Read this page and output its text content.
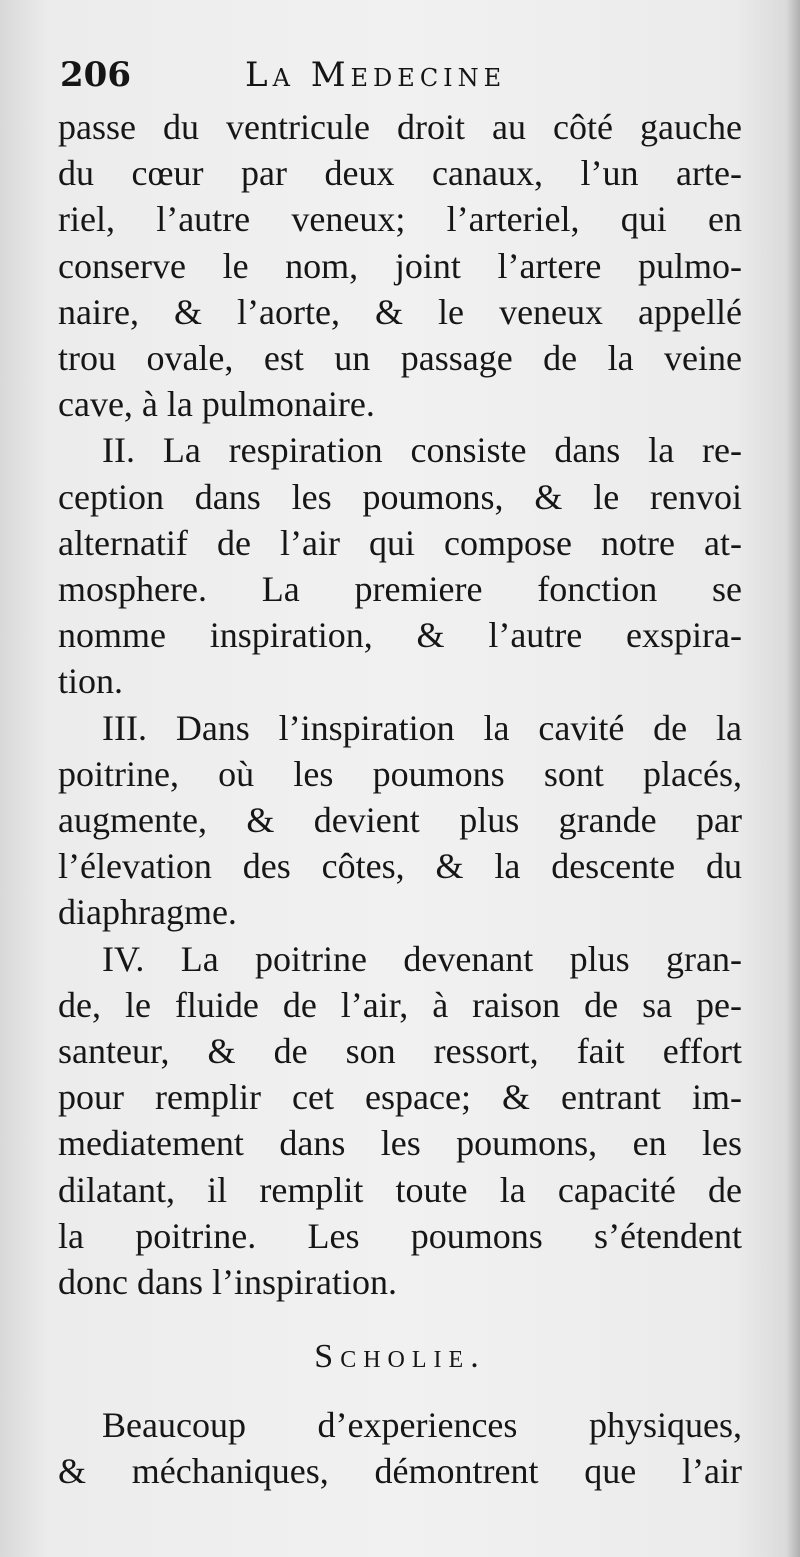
206	La Medecine
passe du ventricule droit au côté gauche
du cœur par deux canaux, l’un arte-
riel, l’autre veneux; l’arteriel, qui en
conserve le nom, joint l’artere pulmo-
naire, & l’aorte, & le veneux appellé
trou ovale, est un passage de la veine
cave, à la pulmonaire.
II. La respiration consiste dans la re-
ception dans les poumons, & le renvoi
alternatif de l’air qui compose notre at-
mosphere. La premiere fonction se
nomme inspiration, & l’autre exspira-
tion.
III. Dans l’inspiration la cavité de la
poitrine, où les poumons sont placés,
augmente, & devient plus grande par
l’élevation des côtes, & la descente du
diaphragme.
IV. La poitrine devenant plus gran-
de, le fluide de l’air, à raison de sa pe-
santeur, & de son ressort, fait effort
pour remplir cet espace; & entrant im-
mediatement dans les poumons, en les
dilatant, il remplit toute la capacité de
la poitrine. Les poumons s’étendent
donc dans l’inspiration.
Scholie.
Beaucoup d’experiences physiques,
& méchaniques, démontrent que l’air
